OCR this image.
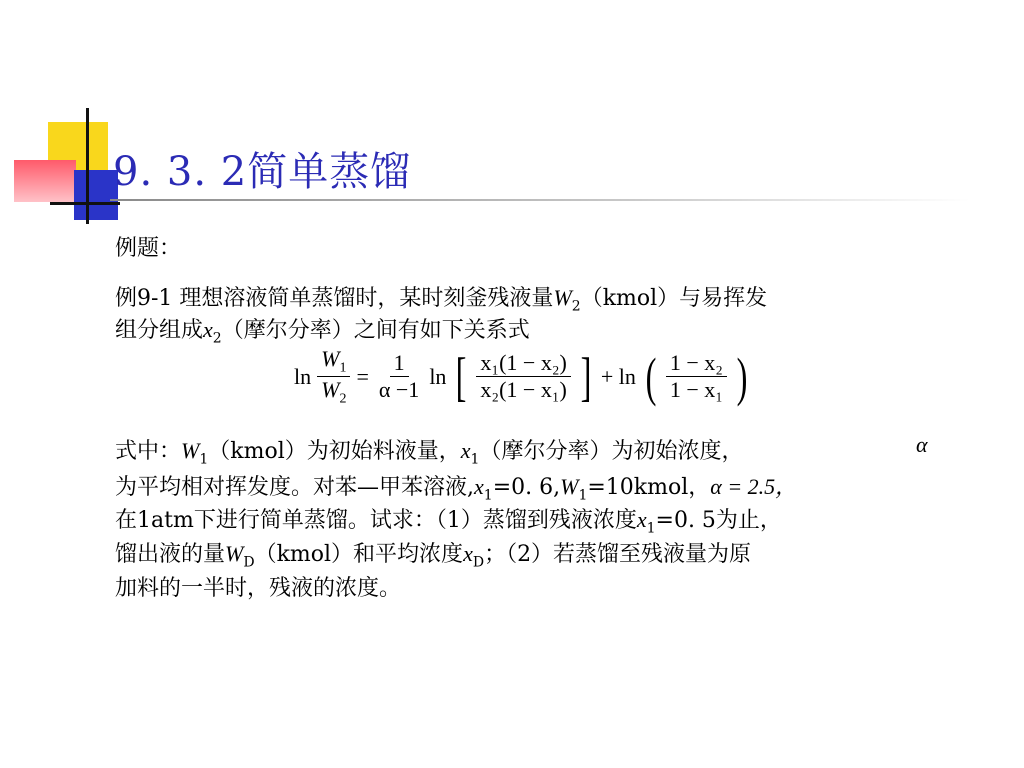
9. 3. 2简单蒸馏
例题：
例9-1 理想溶液简单蒸馏时，某时刻釜残液量$W_2(kmol)$与易挥发
组分组成$x_2$（摩尔分率）之间有如下关系式
$\ln \frac{W_1}{W_2} = \frac{1}{\alpha -1}$ ln [ $\frac{\text{x₁(1 − x₂)}}{\text{x₂(1 − x₁)}}$ ] + ln ( $\frac{\text{1 − x₂}}{\text{1 − x₁}}$ )
式中：$W_1(kmol)$为初始料液量，$x_1$（摩尔分率）为初始浓度，	α
为平均相对挥发度。对苯—甲苯溶液$,x_1=0$. $6,W_1=10kmol$，α = 2.5，
在1atm下进行简单蒸馏。试求：（1）蒸馏到残液浓度$x_1=0$. 5为止，
馏出液的量$W_D(kmol)$和平均浓度$x_D$；（2）若蒸馏至残液量为原
加料的一半时，残液的浓度。
